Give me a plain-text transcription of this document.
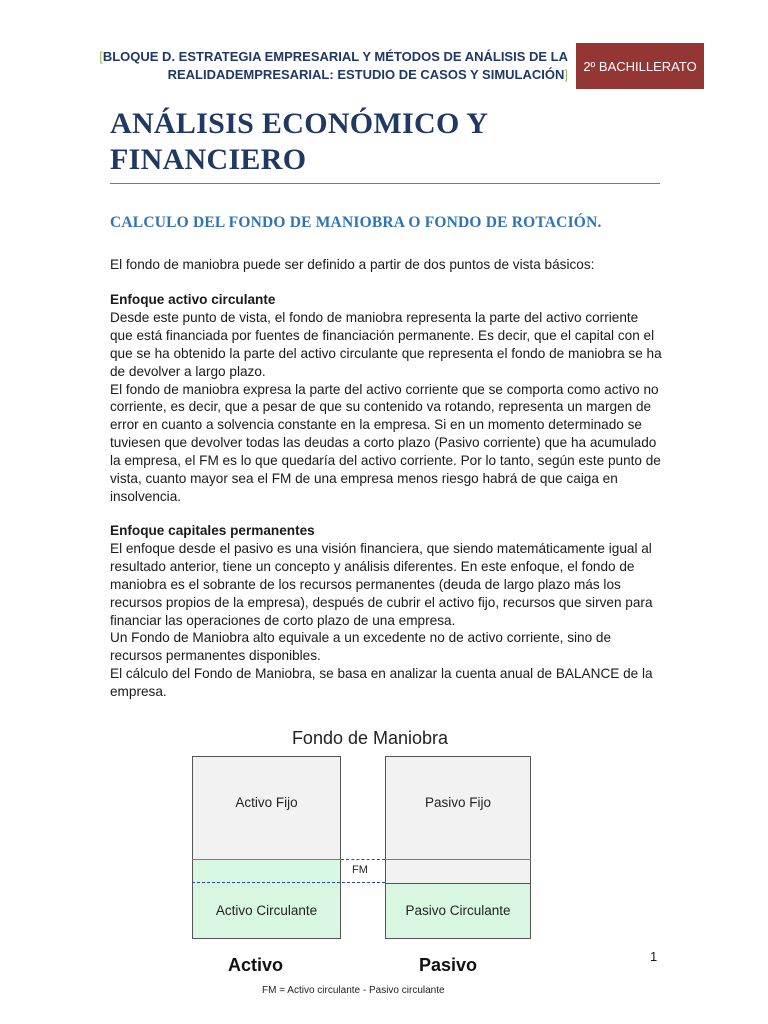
[BLOQUE D. ESTRATEGIA EMPRESARIAL Y MÉTODOS DE ANÁLISIS DE LA
REALIDADEMPRESARIAL: ESTUDIO DE CASOS Y SIMULACIÓN]
2º BACHILLERATO
ANÁLISIS ECONÓMICO Y
FINANCIERO
CALCULO DEL FONDO DE MANIOBRA O FONDO DE ROTACIÓN.

El fondo de maniobra puede ser definido a partir de dos puntos de vista básicos:

Enfoque activo circulante

Desde este punto de vista, el fondo de maniobra representa la parte del activo corriente que está financiada por fuentes de financiación permanente. Es decir, que el capital con el que se ha obtenido la parte del activo circulante que representa el fondo de maniobra se ha de devolver a largo plazo.

El fondo de maniobra expresa la parte del activo corriente que se comporta como activo no corriente, es decir, que a pesar de que su contenido va rotando, representa un margen de error en cuanto a solvencia constante en la empresa. Si en un momento determinado se tuviesen que devolver todas las deudas a corto plazo (Pasivo corriente) que ha acumulado la empresa, el FM es lo que quedaría del activo corriente. Por lo tanto, según este punto de vista, cuanto mayor sea el FM de una empresa menos riesgo habrá de que caiga en insolvencia.

Enfoque capitales permanentes

El enfoque desde el pasivo es una visión financiera, que siendo matemáticamente igual al resultado anterior, tiene un concepto y análisis diferentes. En este enfoque, el fondo de maniobra es el sobrante de los recursos permanentes (deuda de largo plazo más los recursos propios de la empresa), después de cubrir el activo fijo, recursos que sirven para financiar las operaciones de corto plazo de una empresa.

Un Fondo de Maniobra alto equivale a un excedente no de activo corriente, sino de recursos permanentes disponibles.

El cálculo del Fondo de Maniobra, se basa en analizar la cuenta anual de BALANCE de la empresa.

Fondo de Maniobra
FM
Activo Fijo	Pasivo Fijo
Activo Circulante	Pasivo Circulante
Activo	Pasivo
FM = Activo circulante - Pasivo circulante
1
